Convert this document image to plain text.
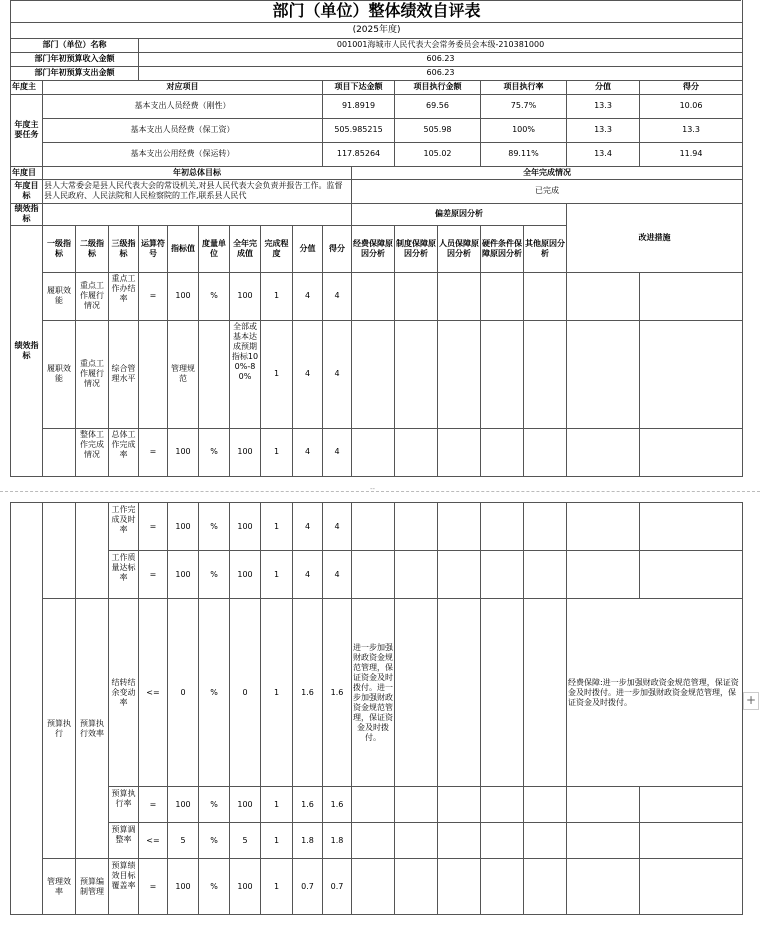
部门（单位）整体绩效自评表																	
(2025年度)																	
部门（单位）名称				001001海城市人民代表大会常务委员会本级-210381000													
部门年初预算收入金额				606.23													
部门年初预算支出金额				606.23													
年度主	对应项目									项目下达金额		项目执行金额		项目执行率		分值	得分
年度主要任务	基本支出人员经费（刚性）									91.8919		69.56		75.7%		13.3	10.06
	基本支出人员经费（保工资）									505.985215		505.98		100%		13.3	13.3
	基本支出公用经费（保运转）									117.85264		105.02		89.11%		13.4	11.94
年度目	年初总体目标										全年完成情况						
年度目标	县人大常委会是县人民代表大会的常设机关,对县人民代表大会负责并报告工作。监督县人民政府、人民法院和人民检察院的工作,联系县人民代										已完成						
绩效指标											偏差原因分析					改进措施	
绩效指标	一级指标	二级指标	三级指标	运算符号	指标值	度量单位	全年完成值	完成程度	分值	得分	经费保障原因分析	制度保障原因分析	人员保障原因分析	硬件条件保障原因分析	其他原因分析		
	履职效能	重点工作履行情况	重点工作办结率	=	100	%	100	1	4	4							
	履职效能	重点工作履行情况	综合管理水平		管理规范		全部或基本达成预期指标100%-80%	1	4	4							

		整体工作完成情况	总体工作完成率	=	100	%	100	1	4	4							
--

			工作完成及时率	=	100	%	100	1	4	4							

			工作质量达标率	=	100	%	100	1	4	4							
	预算执行	预算执行效率	结转结余变动率	<=	0	%	0	1	1.6	1.6	进一步加强财政资金规范管理，保证资金及时拨付。进一步加强财政资金规范管理，保证资金及时拨付。					经费保障:进一步加强财政资金规范管理，保证资金及时拨付。进一步加强财政资金规范管理，保证资金及时拨付。	

			预算执行率	=	100	%	100	1	1.6	1.6							

			预算调整率	<=	5	%	5	1	1.8	1.8							
	管理效率	预算编制管理	预算绩效目标覆盖率	=	100	%	100	1	0.7	0.7							
+
